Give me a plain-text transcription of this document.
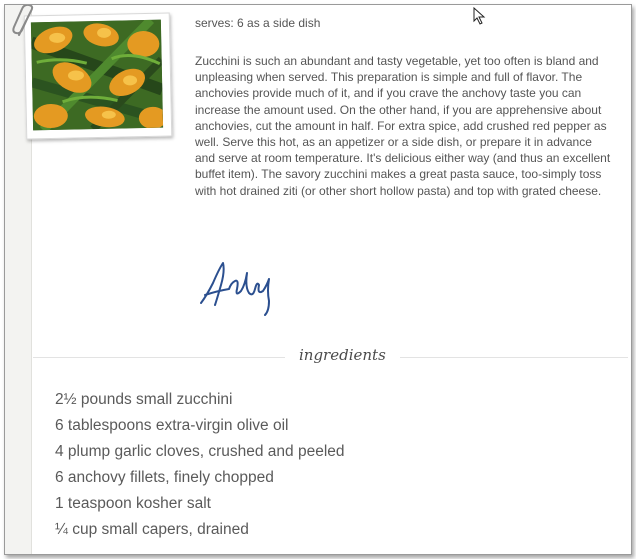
serves: 6 as a side dish

Zucchini is such an abundant and tasty vegetable, yet too often is bland and unpleasing when served. This preparation is simple and full of flavor. The anchovies provide much of it, and if you crave the anchovy taste you can increase the amount used. On the other hand, if you are apprehensive about anchovies, cut the amount in half. For extra spice, add crushed red pepper as well. Serve this hot, as an appetizer or a side dish, or prepare it in advance and serve at room temperature. It's delicious either way (and thus an excellent buffet item). The savory zucchini makes a great pasta sauce, too-simply toss with hot drained ziti (or other short hollow pasta) and top with grated cheese.

ingredients
2½ pounds small zucchini
6 tablespoons extra-virgin olive oil
4 plump garlic cloves, crushed and peeled
6 anchovy fillets, finely chopped
1 teaspoon kosher salt
¼ cup small capers, drained
